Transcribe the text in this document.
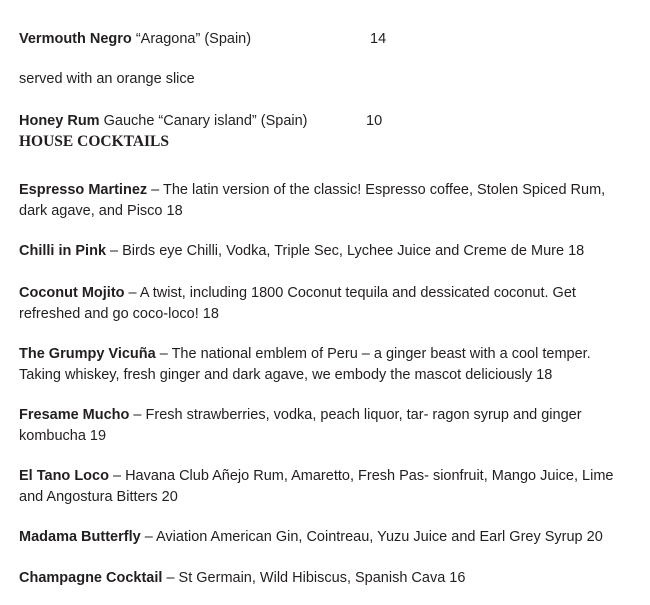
Vermouth Negro “Aragona” (Spain)	14
served with an orange slice
Honey Rum Gauche “Canary island” (Spain)	10
HOUSE COCKTAILS
Espresso Martinez – The latin version of the classic! Espresso coffee, Stolen Spiced Rum, dark agave, and Pisco 18
Chilli in Pink – Birds eye Chilli, Vodka, Triple Sec, Lychee Juice and Creme de Mure 18
Coconut Mojito – A twist, including 1800 Coconut tequila and dessicated coconut. Get refreshed and go coco-loco! 18
The Grumpy Vicuña – The national emblem of Peru – a ginger beast with a cool temper. Taking whiskey, fresh ginger and dark agave, we embody the mascot deliciously 18
Fresame Mucho – Fresh strawberries, vodka, peach liquor, tar- ragon syrup and ginger kombucha 19
El Tano Loco – Havana Club Añejo Rum, Amaretto, Fresh Pas- sionfruit, Mango Juice, Lime and Angostura Bitters 20
Madama Butterfly – Aviation American Gin, Cointreau, Yuzu Juice and Earl Grey Syrup 20
Champagne Cocktail – St Germain, Wild Hibiscus, Spanish Cava 16
